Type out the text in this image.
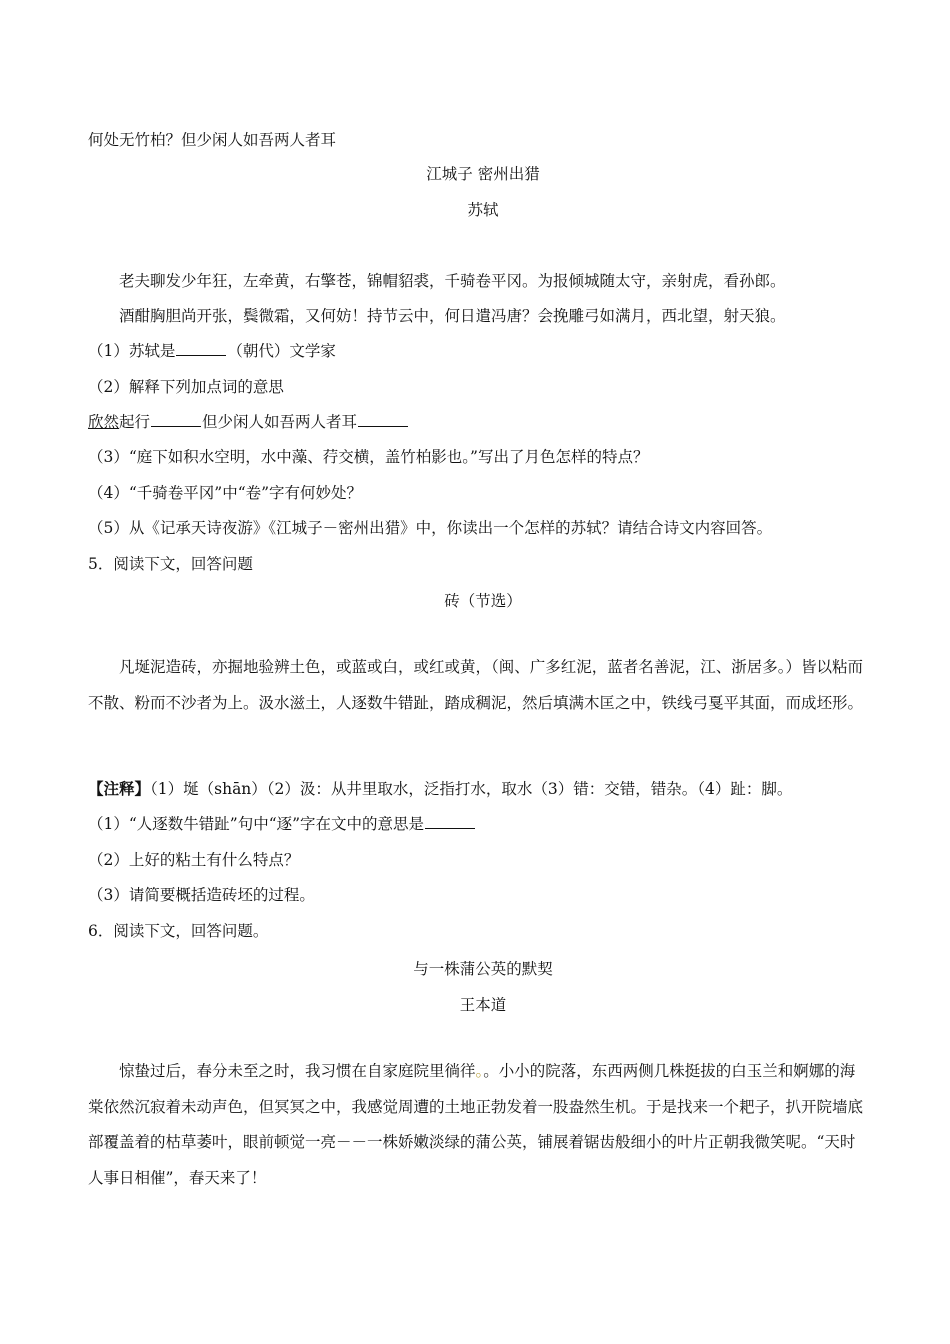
何处无竹柏？但少闲人如吾两人者耳
江城子 密州出猎
苏轼
老夫聊发少年狂，左牵黄，右擎苍，锦帽貂裘，千骑卷平冈。为报倾城随太守，亲射虎，看孙郎。
酒酣胸胆尚开张，鬓微霜，又何妨！持节云中，何日遣冯唐？会挽雕弓如满月，西北望，射天狼。
（1）苏轼是	（朝代）文学家
（2）解释下列加点词的意思
欣然起行	但少闲人如吾两人者耳
（3）“庭下如积水空明，水中藻、荇交横，盖竹柏影也。”写出了月色怎样的特点？
（4）“千骑卷平冈”中“卷”字有何妙处？
（5）从《记承天诗夜游》《江城子－密州出猎》中，你读出一个怎样的苏轼？请结合诗文内容回答。
5．阅读下文，回答问题
砖（节选）
凡埏泥造砖，亦掘地验辨土色，或蓝或白，或红或黄，（闽、广多红泥，蓝者名善泥，江、浙居多。）皆以粘而不散、粉而不沙者为上。汲水滋土，人逐数牛错趾，踏成稠泥，然后填满木匡之中，铁线弓戛平其面，而成坯形。
【注释】（1）埏（shān）（2）汲：从井里取水，泛指打水，取水（3）错：交错，错杂。（4）趾：脚。
（1）“人逐数牛错趾”句中“逐”字在文中的意思是
（2）上好的粘土有什么特点？
（3）请简要概括造砖坯的过程。
6．阅读下文，回答问题。
与一株蒲公英的默契
王本道
惊蛰过后，春分未至之时，我习惯在自家庭院里徜徉。。小小的院落，东西两侧几株挺拔的白玉兰和婀娜的海棠依然沉寂着未动声色，但冥冥之中，我感觉周遭的土地正勃发着一股盎然生机。于是找来一个耙子，扒开院墙底部覆盖着的枯草萎叶，眼前顿觉一亮－－一株娇嫩淡绿的蒲公英，铺展着锯齿般细小的叶片正朝我微笑呢。“天时人事日相催”，春天来了！
